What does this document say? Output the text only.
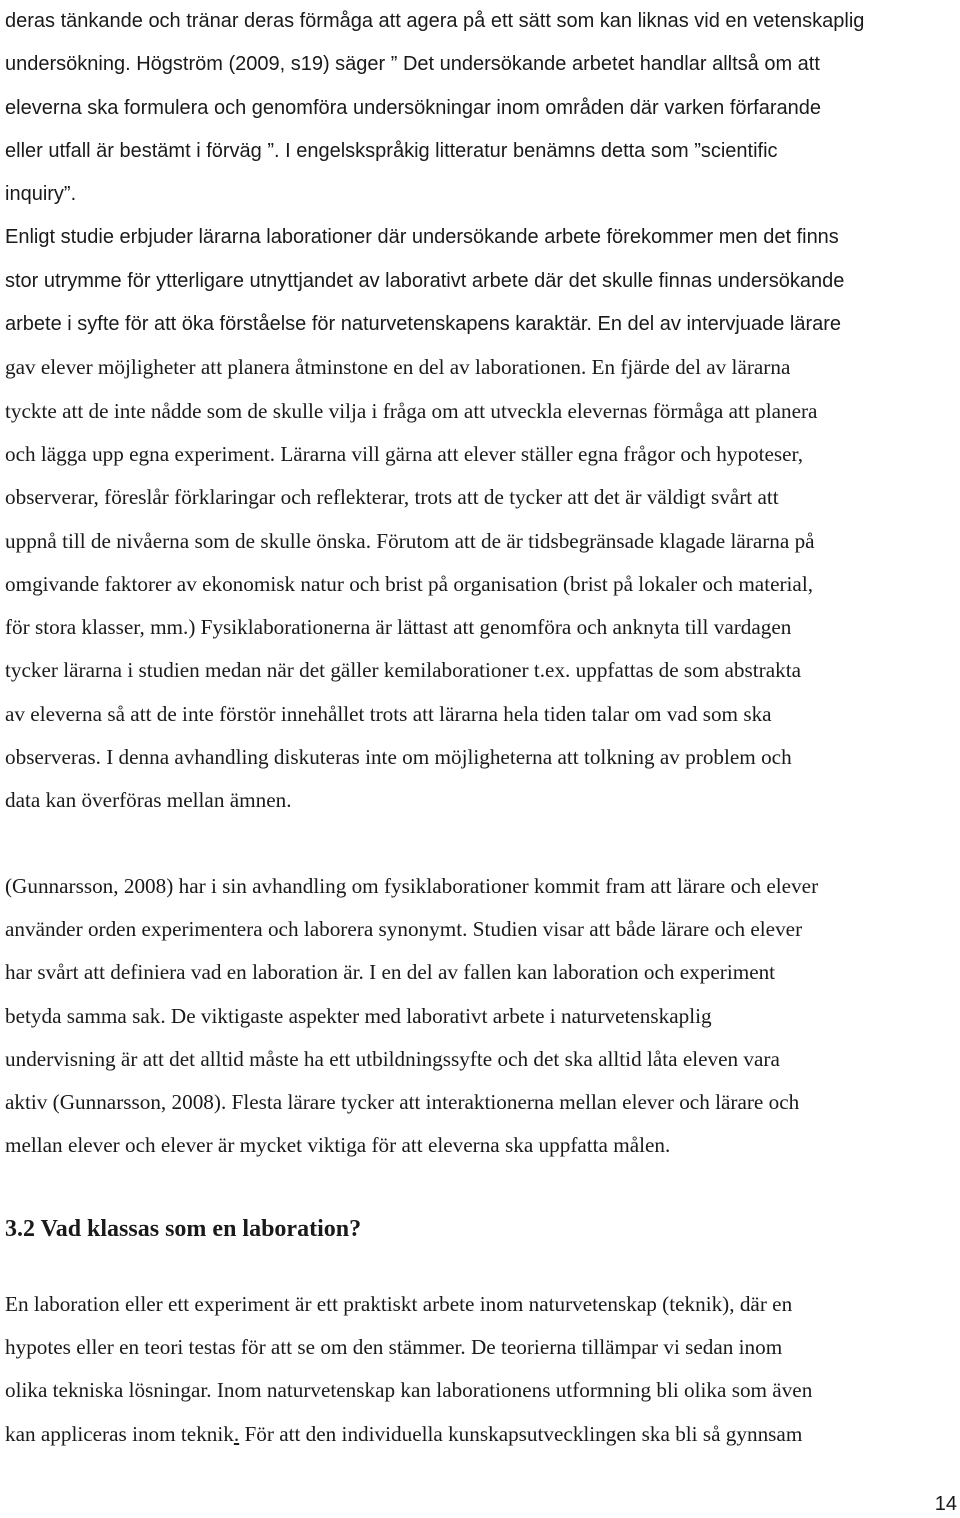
deras tänkande och tränar deras förmåga att agera på ett sätt som kan liknas vid en vetenskaplig
undersökning. Högström (2009, s19) säger ” Det undersökande arbetet handlar alltså om att
eleverna ska formulera och genomföra undersökningar inom områden där varken förfarande
eller utfall är bestämt i förväg ”. I engelskspråkig litteratur benämns detta som ”scientific
inquiry”.

Enligt studie erbjuder lärarna laborationer där undersökande arbete förekommer men det finns
stor utrymme för ytterligare utnyttjandet av laborativt arbete där det skulle finnas undersökande
arbete i syfte för att öka förståelse för naturvetenskapens karaktär. En del av intervjuade lärare
gav elever möjligheter att planera åtminstone en del av laborationen. En fjärde del av lärarna
tyckte att de inte nådde som de skulle vilja i fråga om att utveckla elevernas förmåga att planera
och lägga upp egna experiment. Lärarna vill gärna att elever ställer egna frågor och hypoteser,
observerar, föreslår förklaringar och reflekterar, trots att de tycker att det är väldigt svårt att
uppnå till de nivåerna som de skulle önska. Förutom att de är tidsbegränsade klagade lärarna på
omgivande faktorer av ekonomisk natur och brist på organisation (brist på lokaler och material,
för stora klasser, mm.) Fysiklaborationerna är lättast att genomföra och anknyta till vardagen
tycker lärarna i studien medan när det gäller kemilaborationer t.ex. uppfattas de som abstrakta
av eleverna så att de inte förstör innehållet trots att lärarna hela tiden talar om vad som ska
observeras. I denna avhandling diskuteras inte om möjligheterna att tolkning av problem och
data kan överföras mellan ämnen.

(Gunnarsson, 2008) har i sin avhandling om fysiklaborationer kommit fram att lärare och elever
använder orden experimentera och laborera synonymt. Studien visar att både lärare och elever
har svårt att definiera vad en laboration är. I en del av fallen kan laboration och experiment
betyda samma sak. De viktigaste aspekter med laborativt arbete i naturvetenskaplig
undervisning är att det alltid måste ha ett utbildningssyfte och det ska alltid låta eleven vara
aktiv (Gunnarsson, 2008). Flesta lärare tycker att interaktionerna mellan elever och lärare och
mellan elever och elever är mycket viktiga för att eleverna ska uppfatta målen.

3.2 Vad klassas som en laboration?

En laboration eller ett experiment är ett praktiskt arbete inom naturvetenskap (teknik), där en
hypotes eller en teori testas för att se om den stämmer. De teorierna tillämpar vi sedan inom
olika tekniska lösningar. Inom naturvetenskap kan laborationens utformning bli olika som även
kan appliceras inom teknik. För att den individuella kunskapsutvecklingen ska bli så gynnsam

14
